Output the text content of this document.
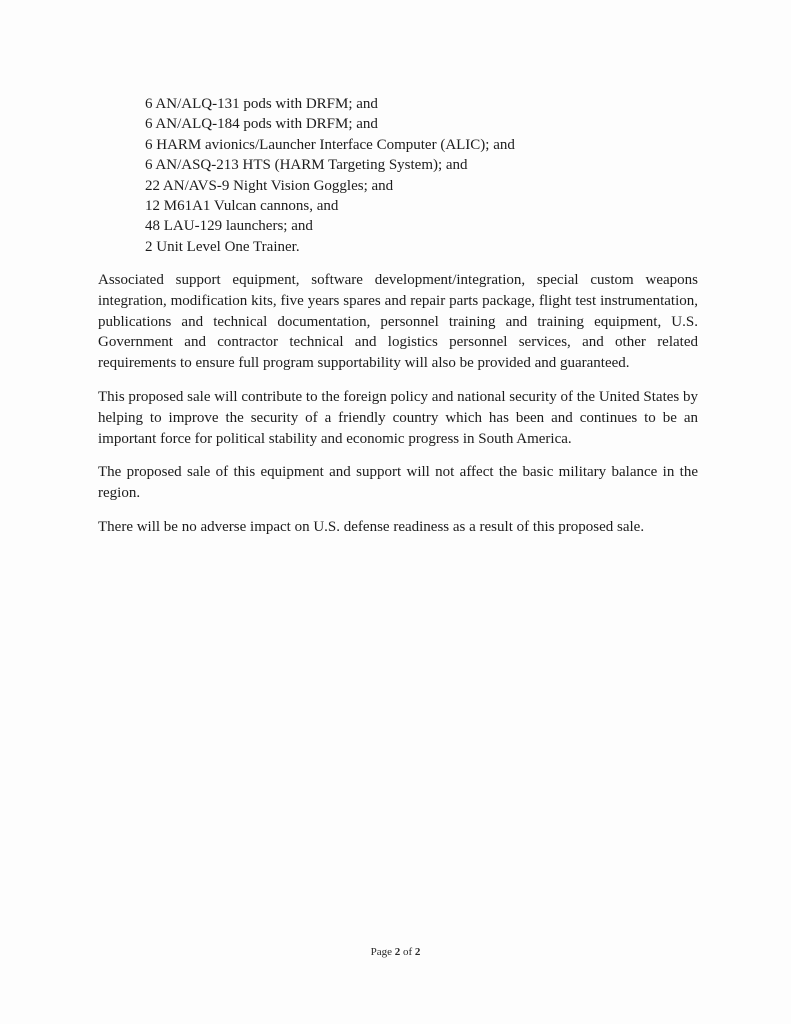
6 AN/ALQ-131 pods with DRFM; and
6 AN/ALQ-184 pods with DRFM; and
6 HARM avionics/Launcher Interface Computer (ALIC); and
6 AN/ASQ-213 HTS (HARM Targeting System); and
22 AN/AVS-9 Night Vision Goggles; and
12 M61A1 Vulcan cannons, and
48 LAU-129 launchers; and
2 Unit Level One Trainer.

Associated support equipment, software development/integration, special custom weapons integration, modification kits, five years spares and repair parts package, flight test instrumentation, publications and technical documentation, personnel training and training equipment, U.S. Government and contractor technical and logistics personnel services, and other related requirements to ensure full program supportability will also be provided and guaranteed.

This proposed sale will contribute to the foreign policy and national security of the United States by helping to improve the security of a friendly country which has been and continues to be an important force for political stability and economic progress in South America.

The proposed sale of this equipment and support will not affect the basic military balance in the region.

There will be no adverse impact on U.S. defense readiness as a result of this proposed sale.

Page 2 of 2
